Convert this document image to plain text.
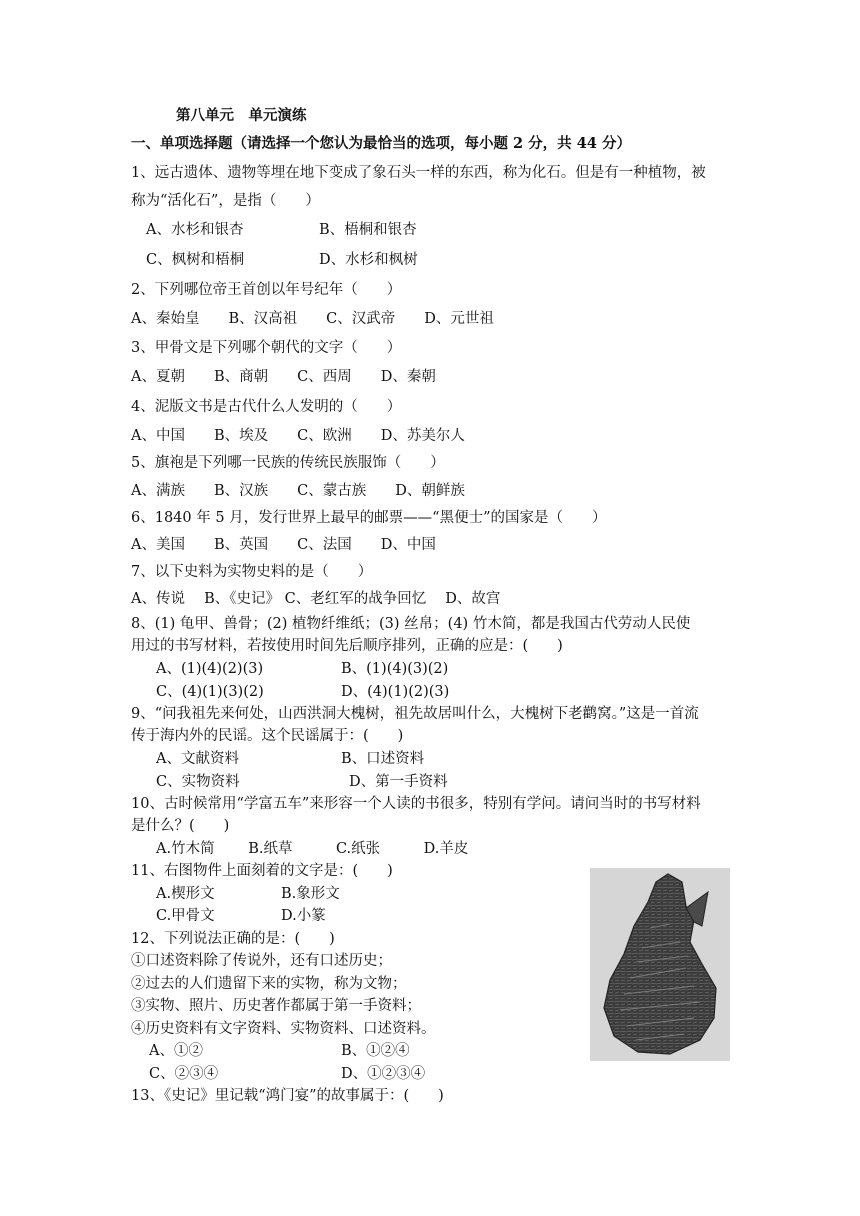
第八单元　单元演练
一、单项选择题（请选择一个您认为最恰当的选项，每小题 2 分，共 44 分）
1、远古遗体、遗物等埋在地下变成了象石头一样的东西，称为化石。但是有一种植物，被
称为“活化石”，是指（　　）
A、水杉和银杏	B、梧桐和银杏
C、枫树和梧桐	D、水杉和枫树
2、下列哪位帝王首创以年号纪年（　　）
A、秦始皇　　B、汉高祖　　C、汉武帝　　D、元世祖
3、甲骨文是下列哪个朝代的文字（　　）
A、夏朝　　B、商朝　　C、西周　　D、秦朝
4、泥版文书是古代什么人发明的（　　）
A、中国　　B、埃及　　C、欧洲　　D、苏美尔人
5、旗袍是下列哪一民族的传统民族服饰（　　）
A、满族　　B、汉族　　C、蒙古族　　D、朝鲜族
6、1840 年 5 月，发行世界上最早的邮票——“黑便士”的国家是（　　）
A、美国　　B、英国　　C、法国　　D、中国
7、以下史料为实物史料的是（　　）
A、传说　 B、《史记》 C、老红军的战争回忆　 D、故宫
8、(1) 龟甲、兽骨；(2) 植物纤维纸；(3) 丝帛；(4) 竹木简，都是我国古代劳动人民使
用过的书写材料，若按使用时间先后顺序排列，正确的应是：(　　)
A、(1)(4)(2)(3)	B、(1)(4)(3)(2)
C、(4)(1)(3)(2)	D、(4)(1)(2)(3)
9、“问我祖先来何处，山西洪洞大槐树，祖先故居叫什么，大槐树下老鹳窝。”这是一首流
传于海内外的民谣。这个民谣属于：(　　)
A、文献资料	B、口述资料
C、实物资料	D、第一手资料
10、古时候常用“学富五车”来形容一个人读的书很多，特别有学问。请问当时的书写材料
是什么？(　　)
A.竹木简　　 B.纸草　　　C.纸张　　　D.羊皮
11、右图物件上面刻着的文字是：(　　)
A.楔形文	B.象形文
C.甲骨文	D.小篆
12、下列说法正确的是：(　　)
①口述资料除了传说外，还有口述历史；
②过去的人们遗留下来的实物，称为文物；
③实物、照片、历史著作都属于第一手资料；
④历史资料有文字资料、实物资料、口述资料。
A、①②	B、①②④
C、②③④	D、①②③④
13、《史记》里记载“鸿门宴”的故事属于：(　　)
